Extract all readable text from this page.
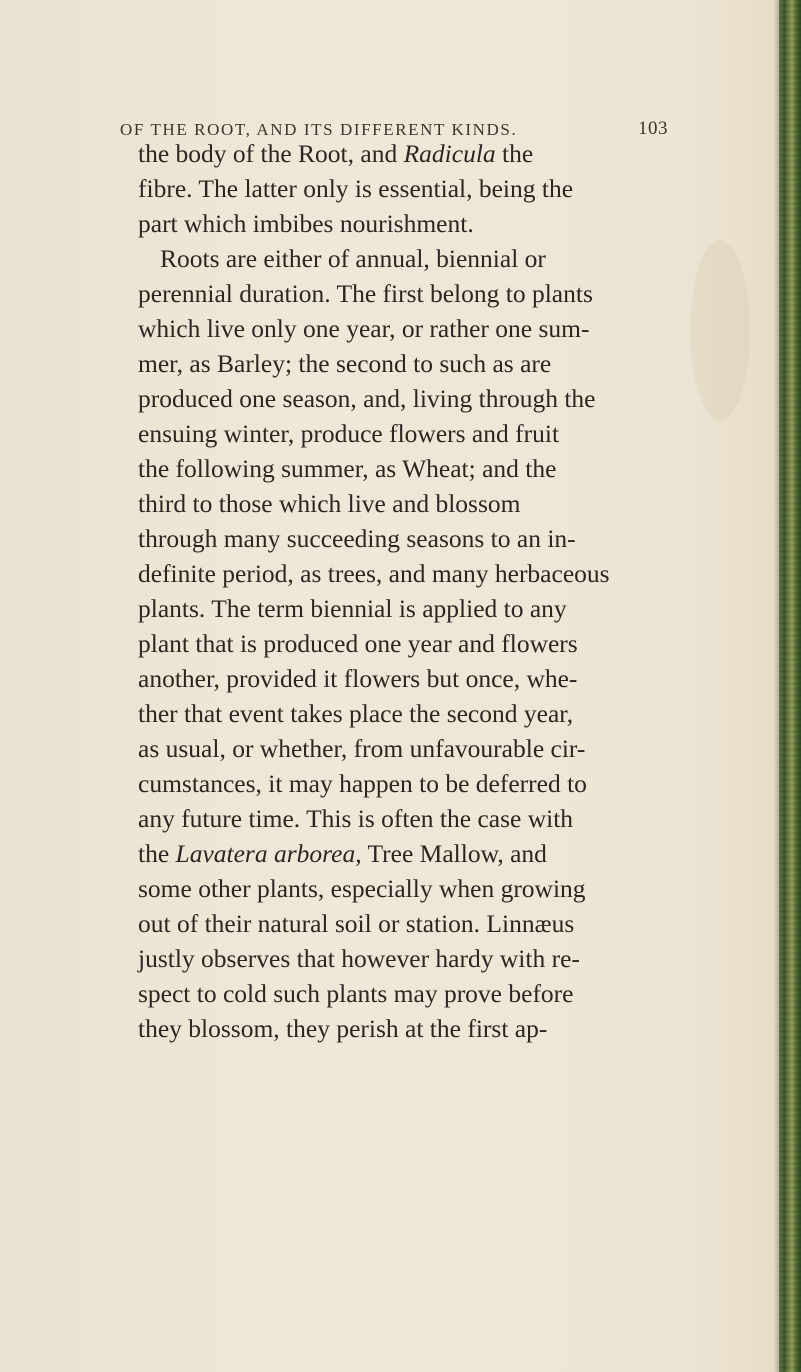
OF THE ROOT, AND ITS DIFFERENT KINDS.	103
the body of the Root, and Radicula the
fibre. The latter only is essential, being the
part which imbibes nourishment.
Roots are either of annual, biennial or
perennial duration. The first belong to plants
which live only one year, or rather one sum-
mer, as Barley; the second to such as are
produced one season, and, living through the
ensuing winter, produce flowers and fruit
the following summer, as Wheat; and the
third to those which live and blossom
through many succeeding seasons to an in-
definite period, as trees, and many herbaceous
plants. The term biennial is applied to any
plant that is produced one year and flowers
another, provided it flowers but once, whe-
ther that event takes place the second year,
as usual, or whether, from unfavourable cir-
cumstances, it may happen to be deferred to
any future time. This is often the case with
the Lavatera arborea, Tree Mallow, and
some other plants, especially when growing
out of their natural soil or station. Linnæus
justly observes that however hardy with re-
spect to cold such plants may prove before
they blossom, they perish at the first ap-
